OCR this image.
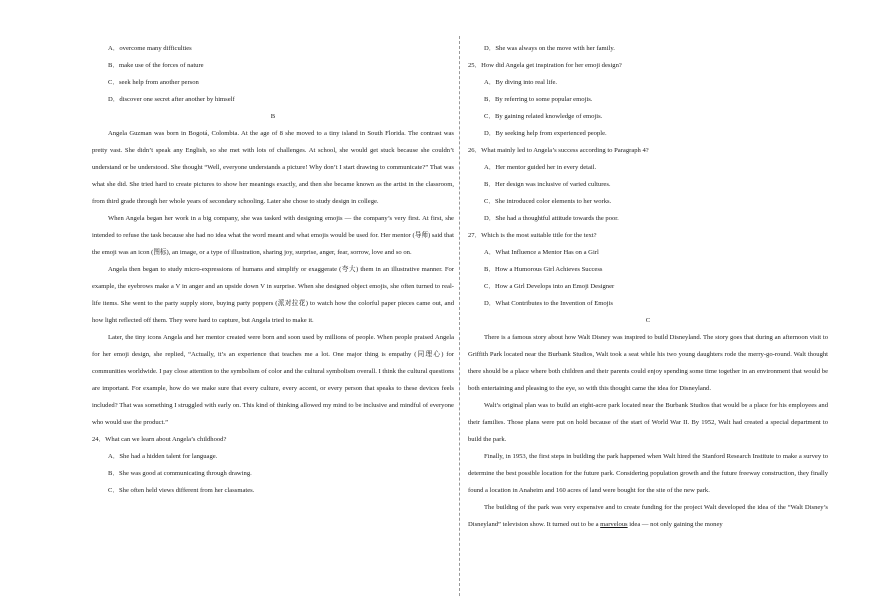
A．overcome many difficulties
B．make use of the forces of nature
C．seek help from another person
D．discover one secret after another by himself
B

Angela Guzman was born in Bogotá, Colombia. At the age of 8 she moved to a tiny island in South Florida. The contrast was pretty vast. She didn’t speak any English, so she met with lots of challenges. At school, she would get stuck because she couldn’t understand or be understood. She thought “Well, everyone understands a picture! Why don’t I start drawing to communicate?” That was what she did. She tried hard to create pictures to show her meanings exactly, and then she became known as the artist in the classroom, from third grade through her whole years of secondary schooling. Later she chose to study design in college.

When Angela began her work in a big company, she was tasked with designing emojis — the company’s very first. At first, she intended to refuse the task because she had no idea what the word meant and what emojis would be used for. Her mentor (导师) said that the emoji was an icon (图标), an image, or a type of illustration, sharing joy, surprise, anger, fear, sorrow, love and so on.

Angela then began to study micro-expressions of humans and simplify or exaggerate (夸大) them in an illustrative manner. For example, the eyebrows make a V in anger and an upside down V in surprise. When she designed object emojis, she often turned to real-life items. She went to the party supply store, buying party poppers (派对拉花) to watch how the colorful paper pieces came out, and how light reflected off them. They were hard to capture, but Angela tried to make it.

Later, the tiny icons Angela and her mentor created were born and soon used by millions of people. When people praised Angela for her emoji design, she replied, “Actually, it’s an experience that teaches me a lot. One major thing is empathy (同理心) for communities worldwide. I pay close attention to the symbolism of color and the cultural symbolism overall. I think the cultural questions are important. For example, how do we make sure that every culture, every accent, or every person that speaks to these devices feels included? That was something I struggled with early on. This kind of thinking allowed my mind to be inclusive and mindful of everyone who would use the product.”

24．What can we learn about Angela’s childhood?
A．She had a hidden talent for language.
B．She was good at communicating through drawing.
C．She often held views different from her classmates.
D．She was always on the move with her family.
25．How did Angela get inspiration for her emoji design?
A．By diving into real life.
B．By referring to some popular emojis.
C．By gaining related knowledge of emojis.
D．By seeking help from experienced people.
26．What mainly led to Angela’s success according to Paragraph 4?
A．Her mentor guided her in every detail.
B．Her design was inclusive of varied cultures.
C．She introduced color elements to her works.
D．She had a thoughtful attitude towards the poor.
27．Which is the most suitable title for the text?
A．What Influence a Mentor Has on a Girl
B．How a Humorous Girl Achieves Success
C．How a Girl Develops into an Emoji Designer
D．What Contributes to the Invention of Emojis
C

There is a famous story about how Walt Disney was inspired to build Disneyland. The story goes that during an afternoon visit to Griffith Park located near the Burbank Studios, Walt took a seat while his two young daughters rode the merry-go-round. Walt thought there should be a place where both children and their parents could enjoy spending some time together in an environment that would be both entertaining and pleasing to the eye, so with this thought came the idea for Disneyland.

Walt’s original plan was to build an eight-acre park located near the Burbank Studios that would be a place for his employees and their families. Those plans were put on hold because of the start of World War II. By 1952, Walt had created a special department to build the park.

Finally, in 1953, the first steps in building the park happened when Walt hired the Stanford Research Institute to make a survey to determine the best possible location for the future park. Considering population growth and the future freeway construction, they finally found a location in Anaheim and 160 acres of land were bought for the site of the new park.

The building of the park was very expensive and to create funding for the project Walt developed the idea of the “Walt Disney’s Disneyland” television show. It turned out to be a marvelous idea — not only gaining the money
